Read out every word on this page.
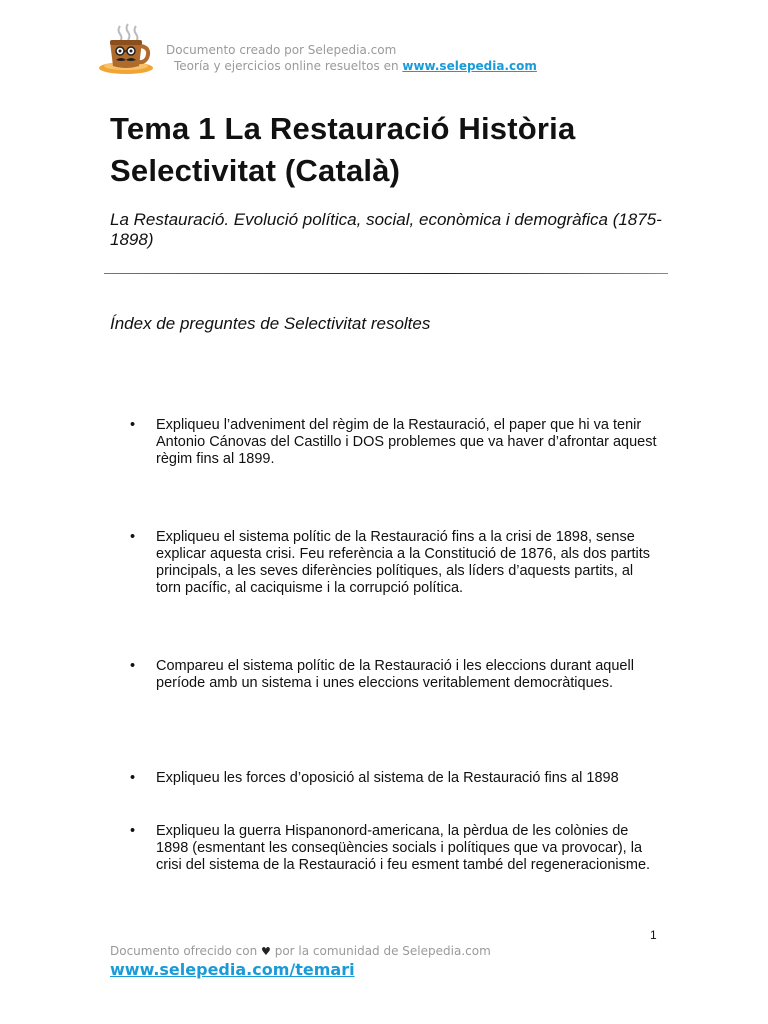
Documento creado por Selepedia.com
Teoría y ejercicios online resueltos en www.selepedia.com
Tema 1 La Restauració Història Selectivitat (Català)

La Restauració. Evolució política, social, econòmica i demogràfica (1875-1898)

Índex de preguntes de Selectivitat resoltes
•	Expliqueu l’adveniment del règim de la Restauració, el paper que hi va tenir Antonio Cánovas del Castillo i DOS problemes que va haver d’afrontar aquest règim fins al 1899.
•	Expliqueu el sistema polític de la Restauració fins a la crisi de 1898, sense explicar aquesta crisi. Feu referència a la Constitució de 1876, als dos partits principals, a les seves diferències polítiques, als líders d’aquests partits, al torn pacífic, al caciquisme i la corrupció política.
•	Compareu el sistema polític de la Restauració i les eleccions durant aquell període amb un sistema i unes eleccions veritablement democràtiques.
•	Expliqueu les forces d’oposició al sistema de la Restauració fins al 1898
•	Expliqueu la guerra Hispanonord-americana, la pèrdua de les colònies de 1898 (esmentant les conseqüències socials i polítiques que va provocar), la crisi del sistema de la Restauració i feu esment també del regeneracionisme.
1
Documento ofrecido con ♥ por la comunidad de Selepedia.com
www.selepedia.com/temari
